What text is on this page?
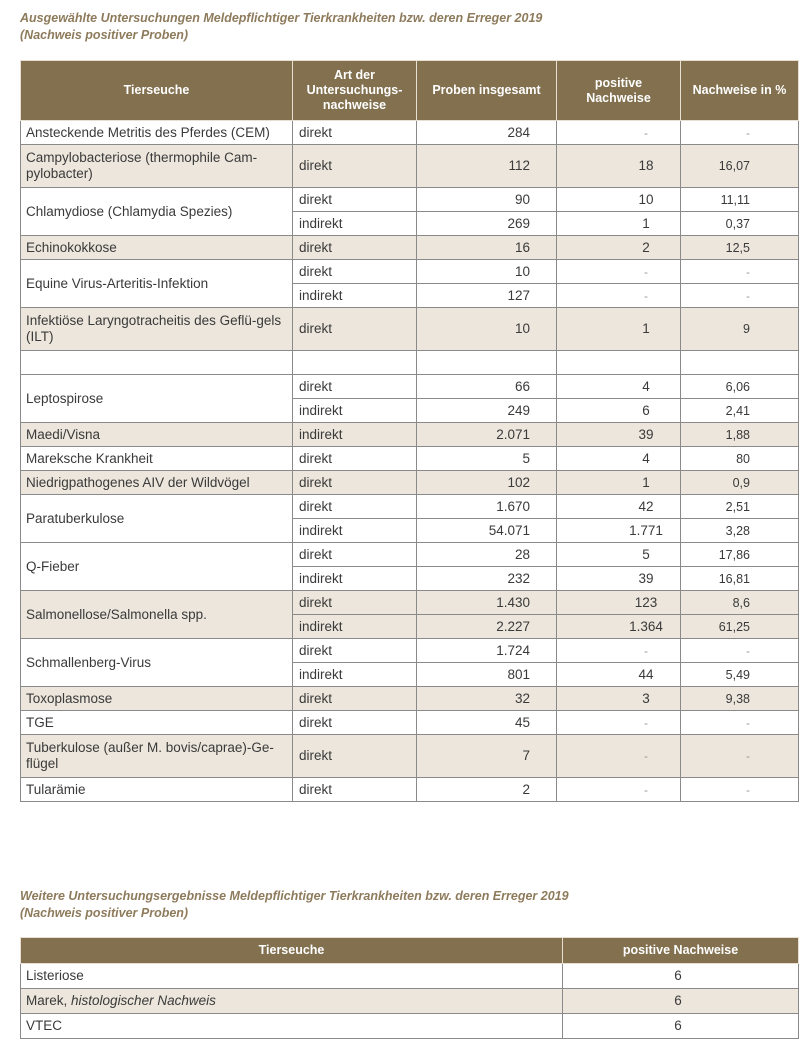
Ausgewählte Untersuchungen Meldepflichtiger Tierkrankheiten bzw. deren Erreger 2019
(Nachweis positiver Proben)

Tierseuche	Art der Untersuchungs-nachweise	Proben insgesamt	positive Nachweise	Nachweise in %
Ansteckende Metritis des Pferdes (CEM)	direkt	284	-	-
Campylobacteriose (thermophile Cam-pylobacter)	direkt	112	18	16,07
Chlamydiose (Chlamydia Spezies)	direkt	90	10	11,11
	indirekt	269	1	0,37
Echinokokkose	direkt	16	2	12,5
Equine Virus-Arteritis-Infektion	direkt	10	-	-
	indirekt	127	-	-
Infektiöse Laryngotracheitis des Geflü-gels (ILT)	direkt	10	1	9

Leptospirose	direkt	66	4	6,06
	indirekt	249	6	2,41
Maedi/Visna	indirekt	2.071	39	1,88
Mareksche Krankheit	direkt	5	4	80
Niedrigpathogenes AIV der Wildvögel	direkt	102	1	0,9
Paratuberkulose	direkt	1.670	42	2,51
	indirekt	54.071	1.771	3,28
Q-Fieber	direkt	28	5	17,86
	indirekt	232	39	16,81
Salmonellose/Salmonella spp.	direkt	1.430	123	8,6
	indirekt	2.227	1.364	61,25
Schmallenberg-Virus	direkt	1.724	-	-
	indirekt	801	44	5,49
Toxoplasmose	direkt	32	3	9,38
TGE	direkt	45	-	-
Tuberkulose (außer M. bovis/caprae)-Ge-flügel	direkt	7	-	-
Tularämie	direkt	2	-	-

Weitere Untersuchungsergebnisse Meldepflichtiger Tierkrankheiten bzw. deren Erreger 2019
(Nachweis positiver Proben)

Tierseuche	positive Nachweise
Listeriose	6
Marek, histologischer Nachweis	6
VTEC	6
